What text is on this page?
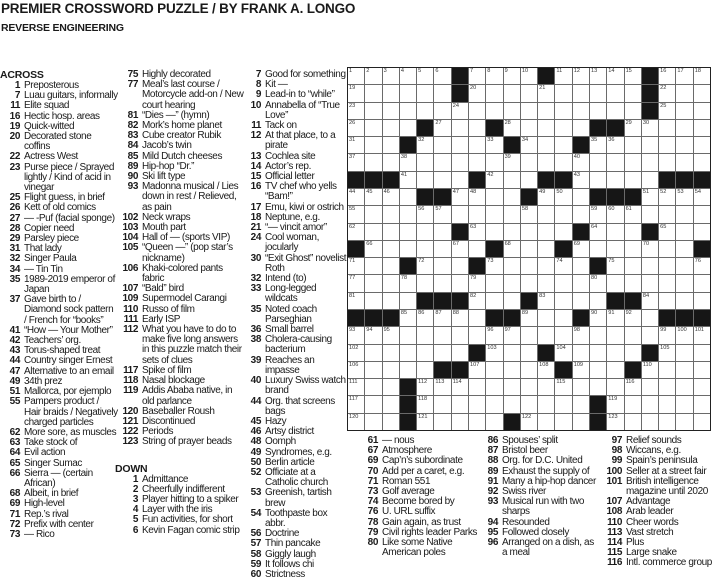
PREMIER CROSSWORD PUZZLE / BY FRANK A. LONGO
REVERSE ENGINEERING
ACROSS
1 Preposterous
7 Luau guitars, informally
11 Elite squad
16 Hectic hosp. areas
19 Quick-witted
20 Decorated stone coffins
22 Actress West
23 Purse piece / Sprayed lightly / Kind of acid in vinegar
25 Flight guess, in brief
26 Kett of old comics
27 — -Puf (facial sponge)
28 Copier need
29 Parsley piece
31 That lady
32 Singer Paula
34 — Tin Tin
35 1989-2019 emperor of Japan
37 Gave birth to / Diamond sock pattern / French for “books”
41 “How — Your Mother”
42 Teachers’ org.
43 Torus-shaped treat
44 Country singer Ernest
47 Alternative to an email
49 34th prez
51 Mallorca, por ejemplo
55 Pampers product / Hair braids / Negatively charged particles
62 More sore, as muscles
63 Take stock of
64 Evil action
65 Singer Sumac
66 Sierra — (certain African)
68 Albeit, in brief
69 High-level
71 Rep.’s rival
72 Prefix with center
73 — Rico
75 Highly decorated
77 Meal’s last course / Motorcycle add-on / New court hearing
81 “Dies —” (hymn)
82 Mork’s home planet
83 Cube creator Rubik
84 Jacob’s twin
85 Mild Dutch cheeses
89 Hip-hop “Dr.”
90 Ski lift type
93 Madonna musical / Lies down in rest / Relieved, as pain
102 Neck wraps
103 Mouth part
104 Hall of — (sports VIP)
105 “Queen —” (pop star’s nickname)
106 Khaki-colored pants fabric
107 “Bald” bird
109 Supermodel Carangi
110 Russo of film
111 Early ISP
112 What you have to do to make five long answers in this puzzle match their sets of clues
117 Spike of film
118 Nasal blockage
119 Addis Ababa native, in old parlance
120 Baseballer Roush
121 Discontinued
122 Periods
123 String of prayer beads
DOWN
1 Admittance
2 Cheerfully indifferent
3 Player hitting to a spiker
4 Layer with the iris
5 Fun activities, for short
6 Kevin Fagan comic strip
7 Good for something
8 Kit —
9 Lead-in to “while”
10 Annabella of “True Love”
11 Tack on
12 At that place, to a pirate
13 Cochlea site
14 Actor’s rep.
15 Official letter
16 TV chef who yells “Bam!”
17 Emu, kiwi or ostrich
18 Neptune, e.g.
21 “— vincit amor”
24 Cool woman, jocularly
30 “Exit Ghost” novelist Roth
32 Intend (to)
33 Long-legged wildcats
35 Noted coach Parseghian
36 Small barrel
38 Cholera-causing bacterium
39 Reaches an impasse
40 Luxury Swiss watch brand
44 Org. that screens bags
45 Hazy
46 Artsy district
48 Oomph
49 Syndromes, e.g.
50 Berlin article
52 Officiate at a Catholic church
53 Greenish, tartish brew
54 Toothpaste box abbr.
56 Doctrine
57 Thin pancake
58 Giggly laugh
59 It follows chi
60 Strictness
61 — nous
67 Atmosphere
69 Cap’n’s subordinate
70 Add per a caret, e.g.
71 Roman 551
73 Golf average
74 Become bored by
76 U. URL suffix
78 Gain again, as trust
79 Civil rights leader Parks
80 Like some Native American poles
86 Spouses’ split
87 Bristol beer
88 Org. for D.C. United
89 Exhaust the supply of
91 Many a hip-hop dancer
92 Swiss river
93 Musical run with two sharps
94 Resounded
95 Followed closely
96 Arranged on a dish, as a meal
97 Relief sounds
98 Wiccans, e.g.
99 Spain’s peninsula
100 Seller at a street fair
101 British intelligence magazine until 2020
107 Advantage
108 Arab leader
110 Cheer words
113 Vast stretch
114 Plus
115 Large snake
116 Intl. commerce group
1	2	3	4	5	6	7	8	9	10	11 12 13 14 15	16 17 18
19	20	21	22
23	24	25
26	27	28	29 30
31	32	33	34	35 36
37	38	39	40
41	42	43
44 45 46	47 48	49 50	51 52 53 54
55	56 57	58	59 60 61
62	63	64	65
66	67	68	69	70
71	72	73	74	75	76
77	78	79	80
81	82	83	84
85 86 87 88	89	90 91 92
93 94 95	96 97	98	99 100 101
102	103	104	105
106	107	108	109	110
111	112 113 114	115	116
117	118	119
120	121	122	123
